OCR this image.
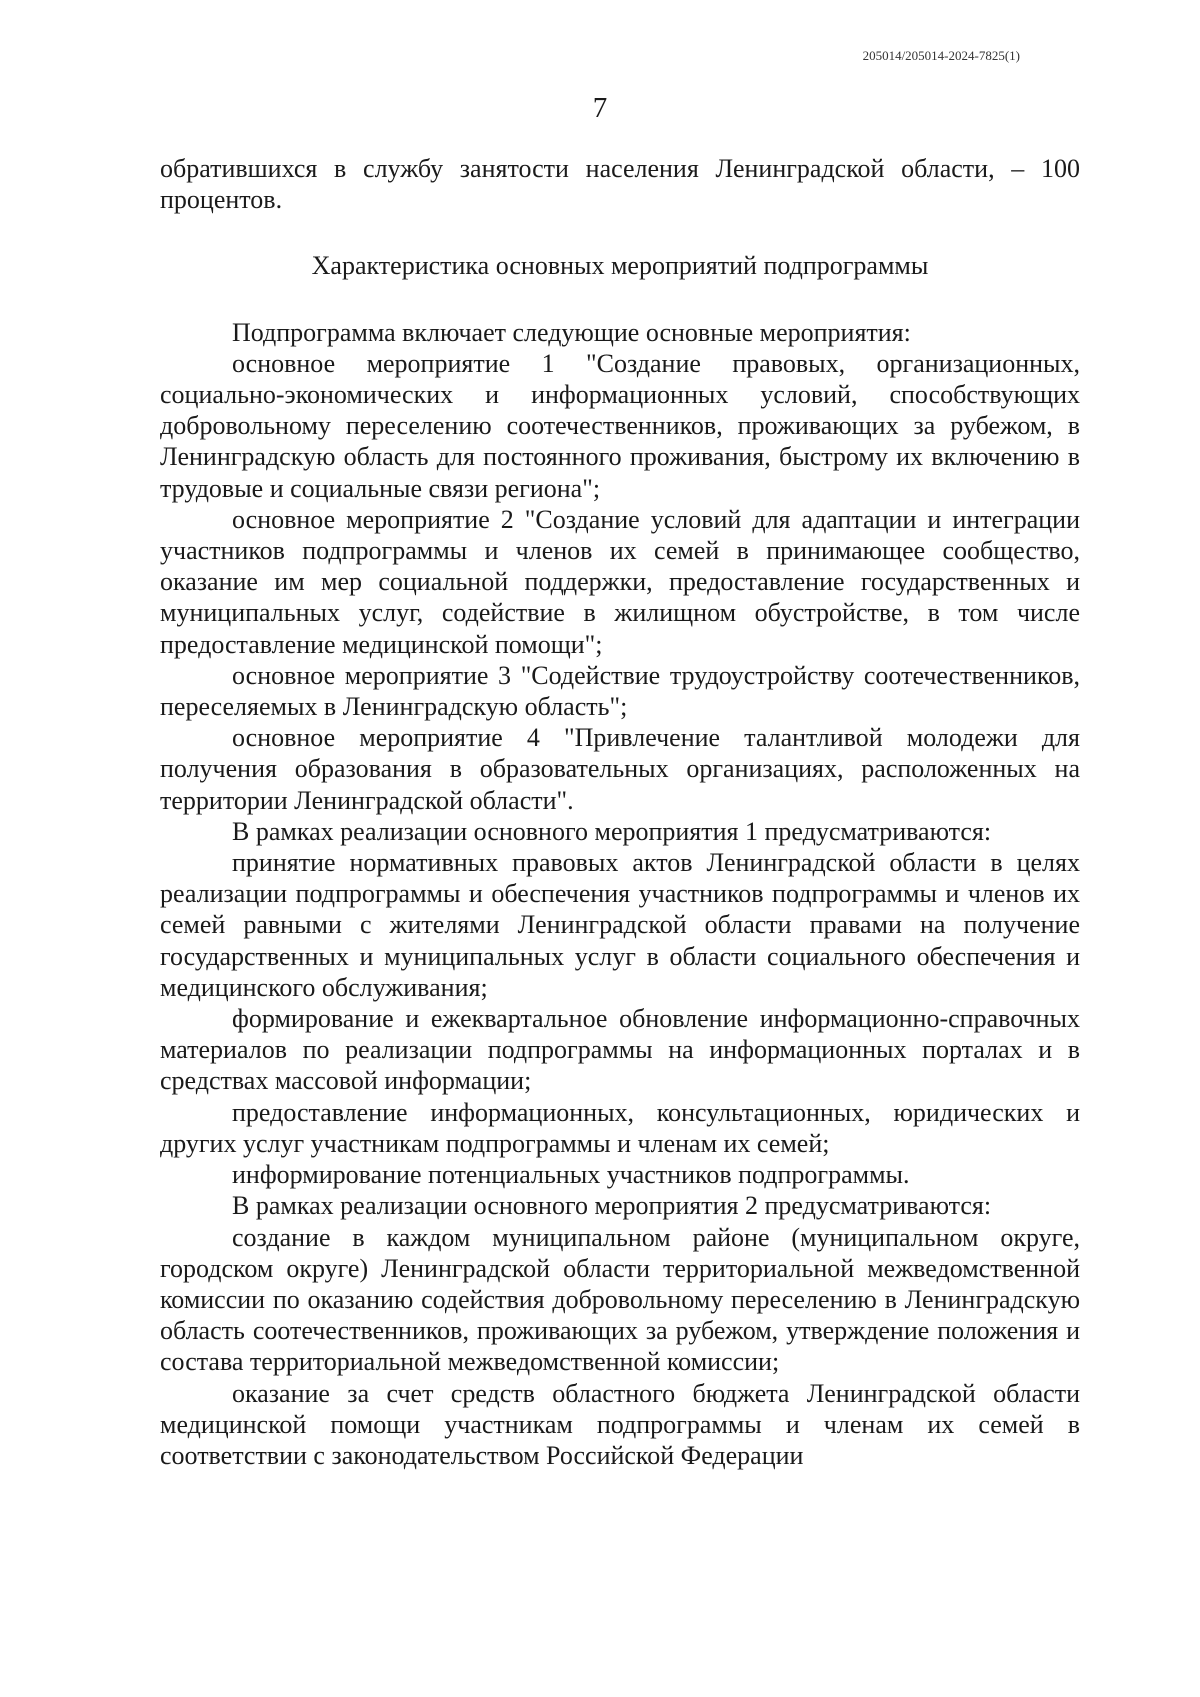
205014/205014-2024-7825(1)
7

обратившихся в службу занятости населения Ленинградской области, – 100 процентов.

Характеристика основных мероприятий подпрограммы

Подпрограмма включает следующие основные мероприятия:

основное мероприятие 1 "Создание правовых, организационных, социально-экономических и информационных условий, способствующих добровольному переселению соотечественников, проживающих за рубежом, в Ленинградскую область для постоянного проживания, быстрому их включению в трудовые и социальные связи региона";

основное мероприятие 2 "Создание условий для адаптации и интеграции участников подпрограммы и членов их семей в принимающее сообщество, оказание им мер социальной поддержки, предоставление государственных и муниципальных услуг, содействие в жилищном обустройстве, в том числе предоставление медицинской помощи";

основное мероприятие 3 "Содействие трудоустройству соотечественников, переселяемых в Ленинградскую область";

основное мероприятие 4 "Привлечение талантливой молодежи для получения образования в образовательных организациях, расположенных на территории Ленинградской области".

В рамках реализации основного мероприятия 1 предусматриваются:

принятие нормативных правовых актов Ленинградской области в целях реализации подпрограммы и обеспечения участников подпрограммы и членов их семей равными с жителями Ленинградской области правами на получение государственных и муниципальных услуг в области социального обеспечения и медицинского обслуживания;

формирование и ежеквартальное обновление информационно-справочных материалов по реализации подпрограммы на информационных порталах и в средствах массовой информации;

предоставление информационных, консультационных, юридических и других услуг участникам подпрограммы и членам их семей;

информирование потенциальных участников подпрограммы.

В рамках реализации основного мероприятия 2 предусматриваются:

создание в каждом муниципальном районе (муниципальном округе, городском округе) Ленинградской области территориальной межведомственной комиссии по оказанию содействия добровольному переселению в Ленинградскую область соотечественников, проживающих за рубежом, утверждение положения и состава территориальной межведомственной комиссии;

оказание за счет средств областного бюджета Ленинградской области медицинской помощи участникам подпрограммы и членам их семей в соответствии с законодательством Российской Федерации
